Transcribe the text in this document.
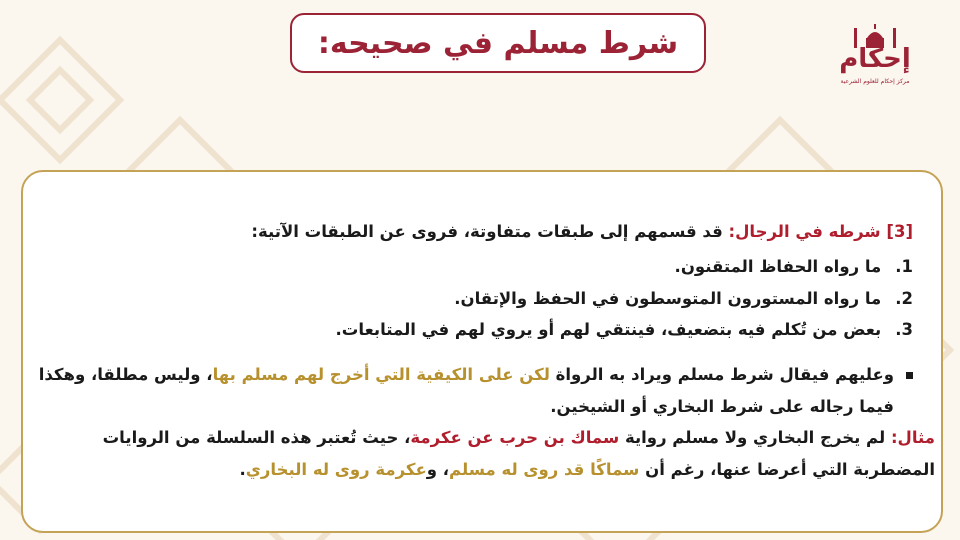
شرط مسلم في صحيحه:	إحكام
مركز إحكام للعلوم الشرعية
[3] شرطه في الرجال: قد قسمهم إلى طبقات متفاوتة، فروى عن الطبقات الآتية:
1. ما رواه الحفاظ المتقنون.
2. ما رواه المستورون المتوسطون في الحفظ والإتقان.
3. بعض من تُكلم فيه بتضعيف، فينتقي لهم أو يروي لهم في المتابعات.
وعليهم فيقال شرط مسلم ويراد به الرواة لكن على الكيفية التي أخرج لهم مسلم بها، وليس مطلقا، وهكذا
فيما رجاله على شرط البخاري أو الشيخين.
مثال: لم يخرج البخاري ولا مسلم رواية سماك بن حرب عن عكرمة، حيث تُعتبر هذه السلسلة من الروايات
المضطربة التي أعرضا عنها، رغم أن سماكًا قد روى له مسلم، وعكرمة روى له البخاري.
